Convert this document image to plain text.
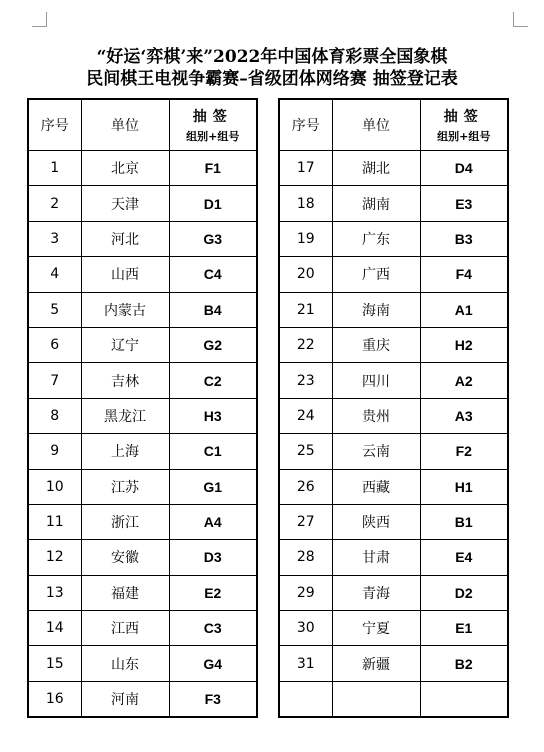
“好运‘弈棋’来”2022年中国体育彩票全国象棋
民间棋王电视争霸赛–省级团体网络赛 抽签登记表
序号	单位	抽签
组别+组号

1	北京	F1
2	天津	D1
3	河北	G3
4	山西	C4
5	内蒙古	B4
6	辽宁	G2
7	吉林	C2
8	黑龙江	H3
9	上海	C1
10	江苏	G1
11	浙江	A4
12	安徽	D3
13	福建	E2
14	江西	C3
15	山东	G4
16	河南	F3
序号	单位	抽签
组别+组号

17	湖北	D4
18	湖南	E3
19	广东	B3
20	广西	F4
21	海南	A1
22	重庆	H2
23	四川	A2
24	贵州	A3
25	云南	F2
26	西藏	H1
27	陕西	B1
28	甘肃	E4
29	青海	D2
30	宁夏	E1
31	新疆	B2
